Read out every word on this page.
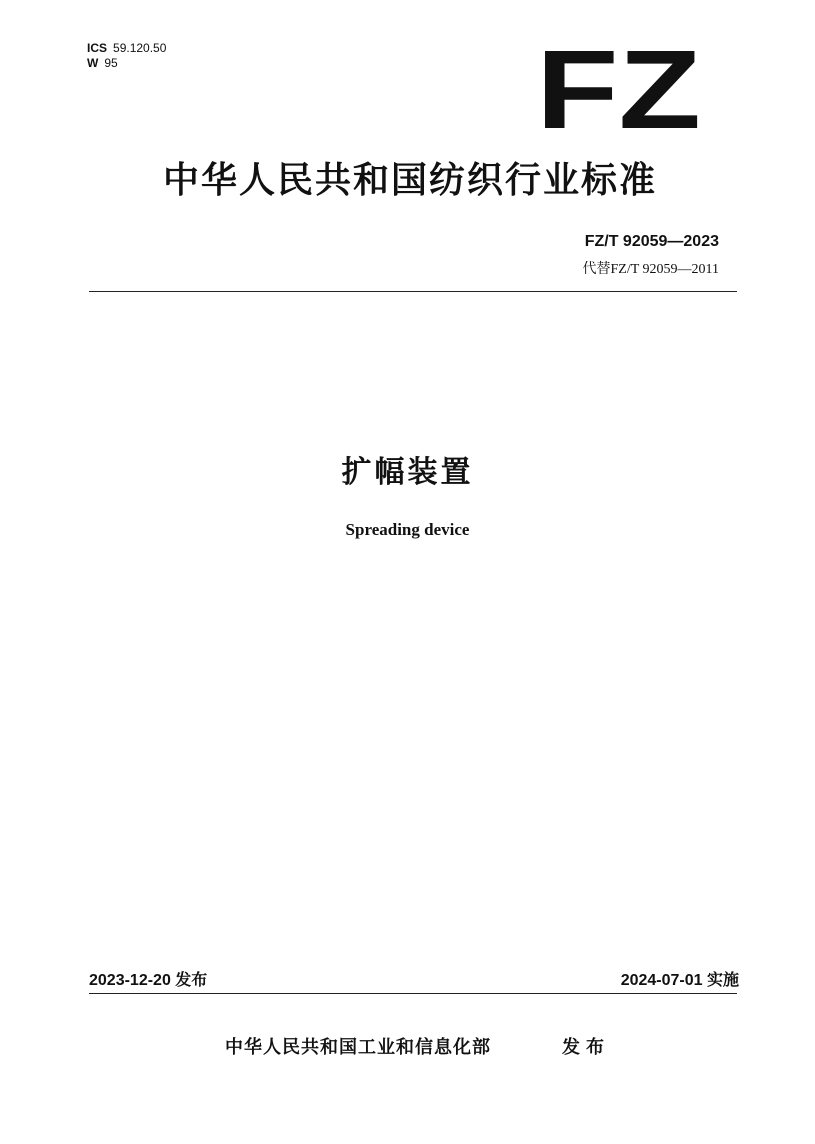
ICS 59.120.50
W 95	FZ
中华人民共和国纺织行业标准
FZ/T 92059—2023
代替FZ/T 92059—2011
扩幅装置
Spreading device
2023-12-20 发布	2024-07-01 实施
中华人民共和国工业和信息化部	发布
